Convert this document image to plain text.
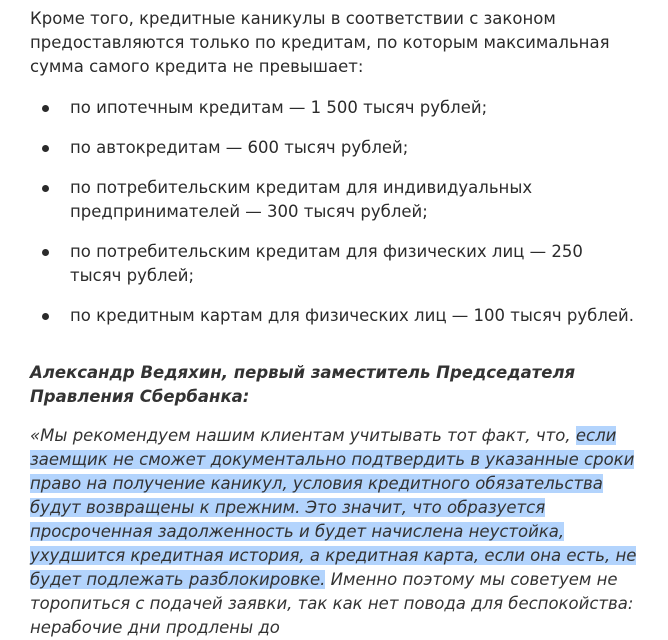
Кроме того, кредитные каникулы в соответствии с законом предоставляются только по кредитам, по которым максимальная сумма самого кредита не превышает:

по ипотечным кредитам — 1 500 тысяч рублей;
по автокредитам — 600 тысяч рублей;
по потребительским кредитам для индивидуальных предпринимателей — 300 тысяч рублей;
по потребительским кредитам для физических лиц — 250 тысяч рублей;
по кредитным картам для физических лиц — 100 тысяч рублей.

Александр Ведяхин, первый заместитель Председателя Правления Сбербанка:

«Мы рекомендуем нашим клиентам учитывать тот факт, что, если заемщик не сможет документально подтвердить в указанные сроки право на получение каникул, условия кредитного обязательства будут возвращены к прежним. Это значит, что образуется просроченная задолженность и будет начислена неустойка, ухудшится кредитная история, а кредитная карта, если она есть, не будет подлежать разблокировке. Именно поэтому мы советуем не торопиться с подачей заявки, так как нет повода для беспокойства: нерабочие дни продлены до
